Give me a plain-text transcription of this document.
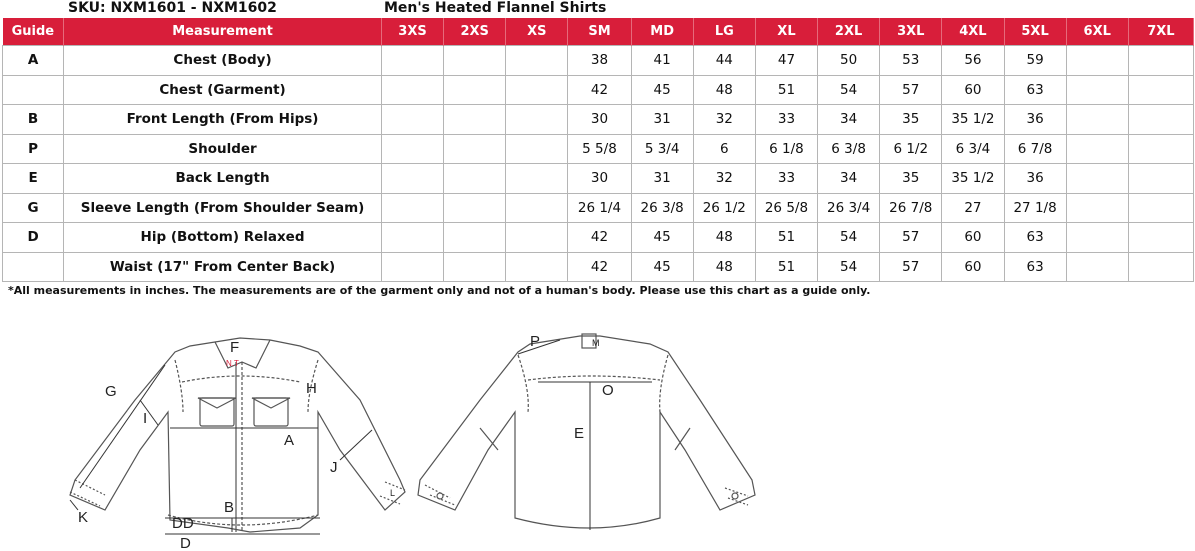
SKU: NXM1601 - NXM1602	Men's Heated Flannel Shirts
Guide	Measurement	3XS	2XS	XS	SM	MD	LG	XL	2XL	3XL	4XL	5XL	6XL	7XL
A	Chest (Body)				38	41	44	47	50	53	56	59		
	Chest (Garment)				42	45	48	51	54	57	60	63		
B	Front Length (From Hips)				30	31	32	33	34	35	35 1/2	36		
P	Shoulder				5 5/8	5 3/4	6	6 1/8	6 3/8	6 1/2	6 3/4	6 7/8		
E	Back Length				30	31	32	33	34	35	35 1/2	36		
G	Sleeve Length (From Shoulder Seam)				26 1/4	26 3/8	26 1/2	26 5/8	26 3/4	26 7/8	27	27 1/8		
D	Hip (Bottom) Relaxed				42	45	48	51	54	57	60	63		
	Waist (17" From Center Back)				42	45	48	51	54	57	60	63		
*All measurements in inches. The measurements are of the garment only and not of a human's body. Please use this chart as a guide only.
F
N.T
G
I
H
A
J
L
K
B
DD
D
P	M
O
E
